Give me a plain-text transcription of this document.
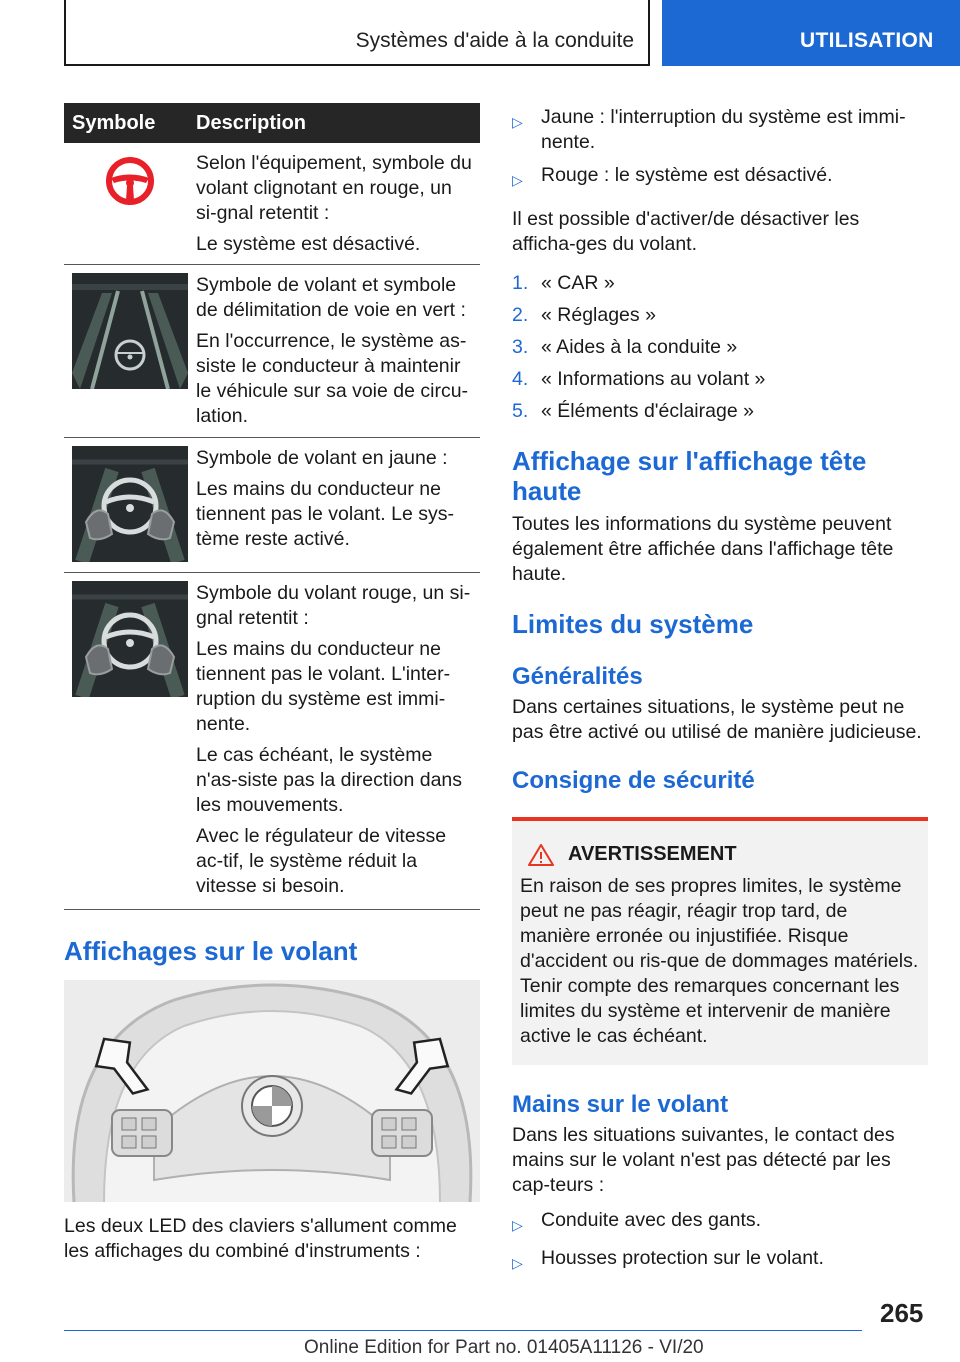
Systèmes d'aide à la conduite	UTILISATION
Symbole Description

Selon l'équipement, symbole du volant clignotant en rouge, un si-gnal retentit :

Le système est désactivé.

Symbole de volant et symbole de délimitation de voie en vert :

En l'occurrence, le système as-siste le conducteur à maintenir le véhicule sur sa voie de circu-lation.

Symbole de volant en jaune :

Les mains du conducteur ne tiennent pas le volant. Le sys-tème reste activé.

Symbole du volant rouge, un si-gnal retentit :

Les mains du conducteur ne tiennent pas le volant. L'inter-ruption du système est immi-nente.

Le cas échéant, le système n'as-siste pas la direction dans les mouvements.

Avec le régulateur de vitesse ac-tif, le système réduit la vitesse si besoin.

Affichages sur le volant

Les deux LED des claviers s'allument comme les affichages du combiné d'instruments :

▷ Jaune : l'interruption du système est immi-nente.
▷ Rouge : le système est désactivé.

Il est possible d'activer/de désactiver les afficha-ges du volant.

1. « CAR »
2. « Réglages »
3. « Aides à la conduite »
4. « Informations au volant »
5. « Éléments d'éclairage »
Affichage sur l'affichage tête haute

Toutes les informations du système peuvent également être affichée dans l'affichage tête haute.

Limites du système
Généralités

Dans certaines situations, le système peut ne pas être activé ou utilisé de manière judicieuse.

Consigne de sécurité
AVERTISSEMENT

En raison de ses propres limites, le système peut ne pas réagir, réagir trop tard, de manière erronée ou injustifiée. Risque d'accident ou ris-que de dommages matériels. Tenir compte des remarques concernant les limites du système et intervenir de manière active le cas échéant.

Mains sur le volant

Dans les situations suivantes, le contact des mains sur le volant n'est pas détecté par les cap-teurs :

▷ Conduite avec des gants.
▷ Housses protection sur le volant.
265
Online Edition for Part no. 01405A11126 - VI/20
